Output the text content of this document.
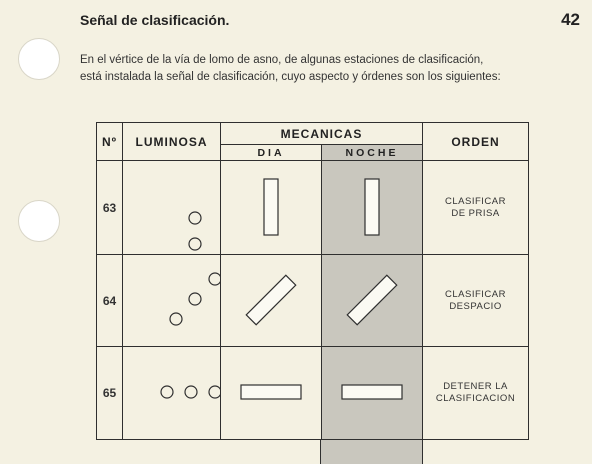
Señal de clasificación.	42
En el vértice de la vía de lomo de asno, de algunas estaciones de clasificación,
está instalada la señal de clasificación, cuyo aspecto y órdenes son los siguientes:
Nº	LUMINOSA	MECANICAS		ORDEN
		DIA	NOCHE	
63				CLASIFICAR
DE PRISA

64				CLASIFICAR
DESPACIO

65				DETENER LA
CLASIFICACION
